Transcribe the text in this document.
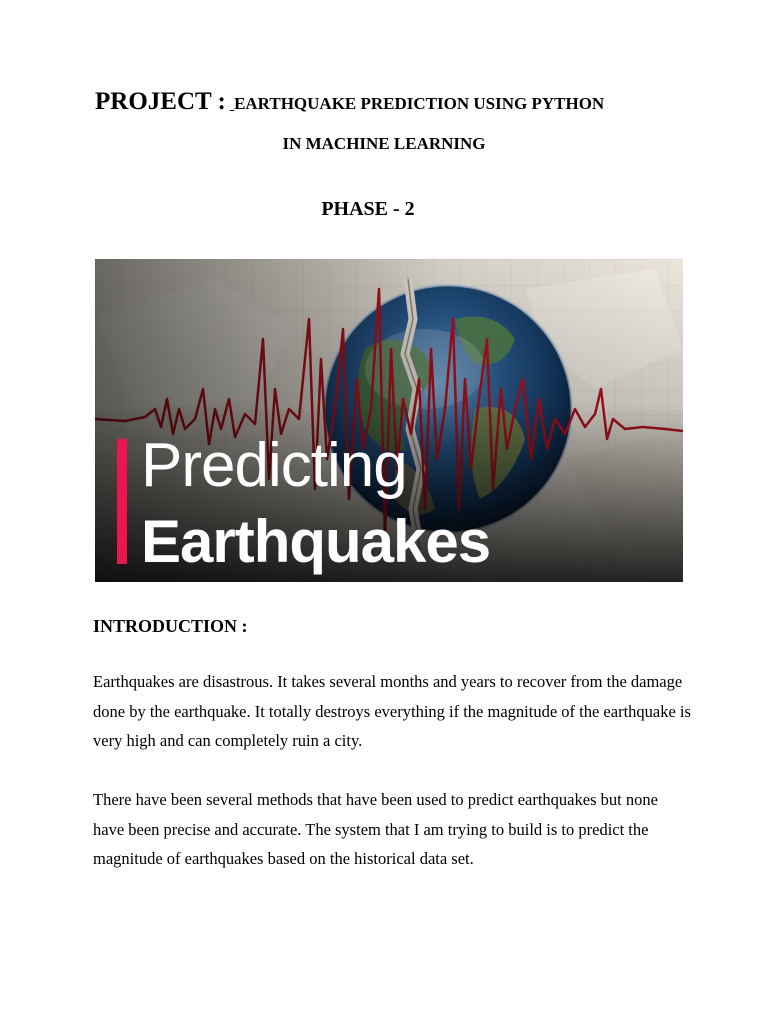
PROJECT : EARTHQUAKE PREDICTION USING PYTHON
IN MACHINE LEARNING
PHASE - 2
Predicting
Earthquakes
INTRODUCTION :
Earthquakes are disastrous. It takes several months and years to recover from the damage done by the earthquake. It totally destroys everything if the magnitude of the earthquake is very high and can completely ruin a city.
There have been several methods that have been used to predict earthquakes but none have been precise and accurate. The system that I am trying to build is to predict the magnitude of earthquakes based on the historical data set.
